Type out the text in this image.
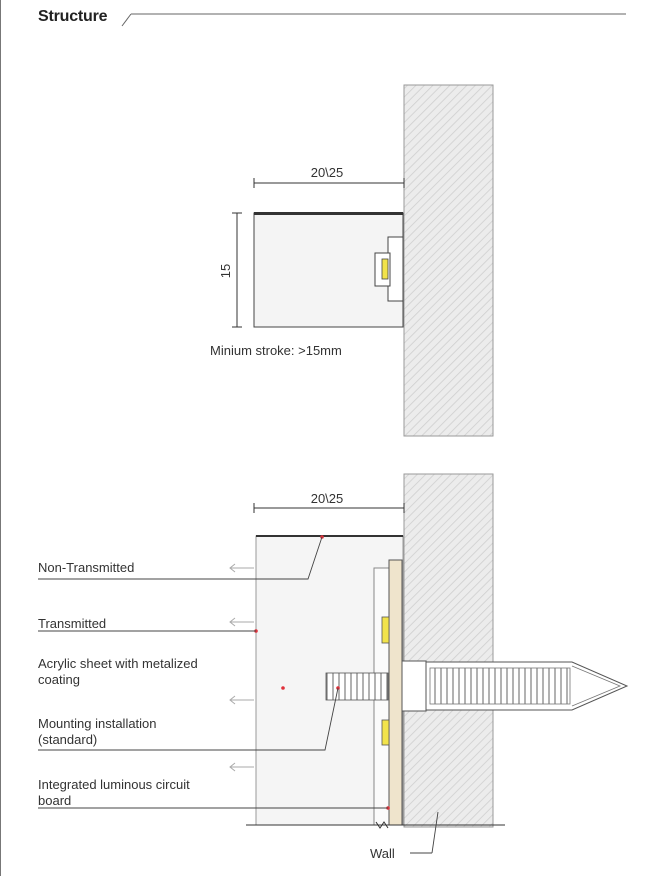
Structure
20\25
15
Minium stroke: >15mm
20\25
Non-Transmitted
Transmitted
Acrylic sheet with metalized
coating
Mounting installation
(standard)
Integrated luminous circuit
board
Wall
